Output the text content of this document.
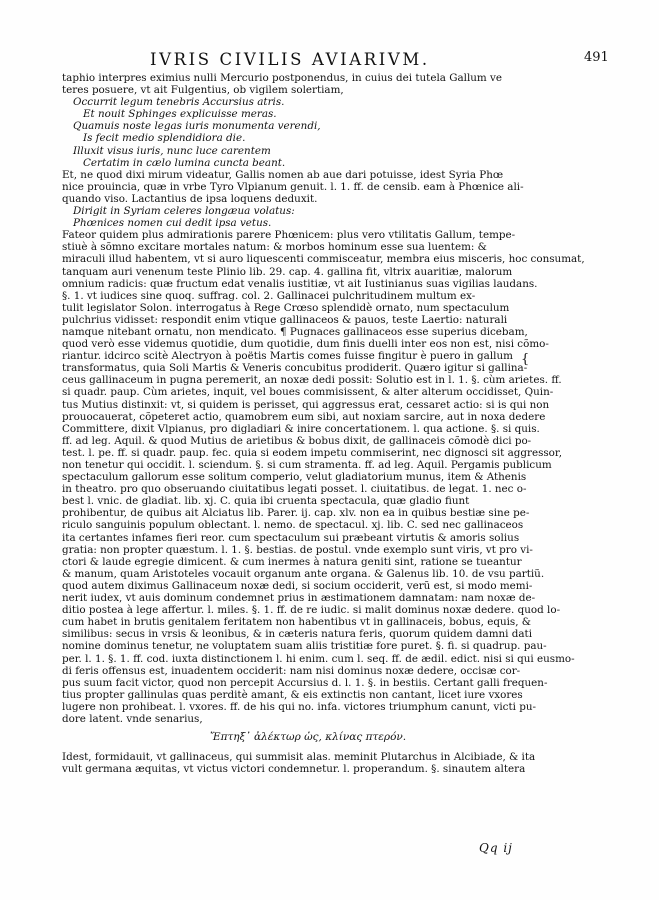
IVRIS CIVILIS AVIARIVM.	491
{
taphio interpres eximius nulli Mercurio postponendus, in cuius dei tutela Gallum ve
teres posuere, vt ait Fulgentius, ob vigilem solertiam,
Occurrit legum tenebris Accursius atris.
Et nouit Sphinges explicuisse meras.
Quamuis noste legas iuris monumenta verendi,
Is fecit medio splendidiora die.
Illuxit visus iuris, nunc luce carentem
Certatim in cælo lumina cuncta beant.
Et, ne quod dixi mirum videatur, Gallis nomen ab aue dari potuisse, idest Syria Phœ
nice prouincia, quæ in vrbe Tyro Vlpianum genuit. l. 1. ff. de censib. eam à Phœnice ali-
quando viso. Lactantius de ipsa loquens deduxit.
Dirigit in Syriam celeres longæua volatus:
Phœnices nomen cui dedit ipsa vetus.
Fateor quidem plus admirationis parere Phœnicem: plus vero vtilitatis Gallum, tempe-
stiuè à sõmno excitare mortales natum: & morbos hominum esse sua luentem: &
miraculi illud habentem, vt si auro liquescenti commisceatur, membra eius misceris, hoc consumat,
tanquam auri venenum teste Plinio lib. 29. cap. 4. gallina fit, vltrix auaritiæ, malorum
omnium radicis: quæ fructum edat venalis iustitiæ, vt ait Iustinianus suas vigilias laudans.
§. 1. vt iudices sine quoq. suffrag. col. 2. Gallinacei pulchritudinem multum ex-
tulit legislator Solon. interrogatus à Rege Crœso splendidè ornato, num spectaculum
pulchrius vidisset: respondit enim vtique gallinaceos & pauos, teste Laertio: naturali
namque nitebant ornatu, non mendicato. ¶ Pugnaces gallinaceos esse superius dicebam,
quod verò esse videmus quotidie, dum quotidie, dum finis duelli inter eos non est, nisi cõmo-
riantur. idcirco scitè Alectryon à poëtis Martis comes fuisse fingitur è puero in gallum
transformatus, quia Soli Martis & Veneris concubitus prodiderit. Quæro igitur si gallina-
ceus gallinaceum in pugna peremerit, an noxæ dedi possit: Solutio est in l. 1. §. cùm arietes. ff.
si quadr. paup. Cùm arietes, inquit, vel boues commisissent, & alter alterum occidisset, Quin-
tus Mutius distinxit: vt, si quidem is perisset, qui aggressus erat, cessaret actio: si is qui non
prouocauerat, cõpeteret actio, quamobrem eum sibi, aut noxiam sarcire, aut in noxa dedere
Committere, dixit Vlpianus, pro digladiari & inire concertationem. l. qua actione. §. si quis.
ff. ad leg. Aquil. & quod Mutius de arietibus & bobus dixit, de gallinaceis cõmodè dici po-
test. l. pe. ff. si quadr. paup. fec. quia si eodem impetu commiserint, nec dignosci sit aggressor,
non tenetur qui occidit. l. sciendum. §. si cum stramenta. ff. ad leg. Aquil. Pergamis publicum
spectaculum gallorum esse solitum comperio, velut gladiatorium munus, item & Athenis
in theatro. pro quo obseruando ciuitatibus legati posset. l. ciuitatibus. de legat. 1. nec o-
best l. vnic. de gladiat. lib. xj. C. quia ibi cruenta spectacula, quæ gladio fiunt
prohibentur, de quibus ait Alciatus lib. Parer. ij. cap. xlv. non ea in quibus bestiæ sine pe-
riculo sanguinis populum oblectant. l. nemo. de spectacul. xj. lib. C. sed nec gallinaceos
ita certantes infames fieri reor. cum spectaculum sui præbeant virtutis & amoris solius
gratia: non propter quæstum. l. 1. §. bestias. de postul. vnde exemplo sunt viris, vt pro vi-
ctori & laude egregie dimicent. & cum inermes à natura geniti sint, ratione se tueantur
& manum, quam Aristoteles vocauit organum ante organa. & Galenus lib. 10. de vsu partiũ.
quod autem diximus Gallinaceum noxæ dedi, si socium occiderit, verũ est, si modo memi-
nerit iudex, vt auis dominum condemnet prius in æstimationem damnatam: nam noxæ de-
ditio postea à lege affertur. l. miles. §. 1. ff. de re iudic. si malit dominus noxæ dedere. quod lo-
cum habet in brutis genitalem feritatem non habentibus vt in gallinaceis, bobus, equis, &
similibus: secus in vrsis & leonibus, & in cæteris natura feris, quorum quidem damni dati
nomine dominus tenetur, ne voluptatem suam aliis tristitiæ fore puret. §. fi. si quadrup. pau-
per. l. 1. §. 1. ff. cod. iuxta distinctionem l. hi enim. cum l. seq. ff. de ædil. edict. nisi si qui eusmo-
di feris offensus est, inuadentem occiderit: nam nisi dominus noxæ dedere, occisæ cor-
pus suum facit victor, quod non percepit Accursius d. l. 1. §. in bestiis. Certant galli frequen-
tius propter gallinulas quas perditè amant, & eis extinctis non cantant, licet iure vxores
lugere non prohibeat. l. vxores. ff. de his qui no. infa. victores triumphum canunt, victi pu-
dore latent. vnde senarius,
Ἔπτηξ᾽ ἀλέκτωρ ὡς, κλίνας πτερόν.
Idest, formidauit, vt gallinaceus, qui summisit alas. meminit Plutarchus in Alcibiade, & ita
vult germana æquitas, vt victus victori condemnetur. l. properandum. §. sinautem altera
Qq ij
